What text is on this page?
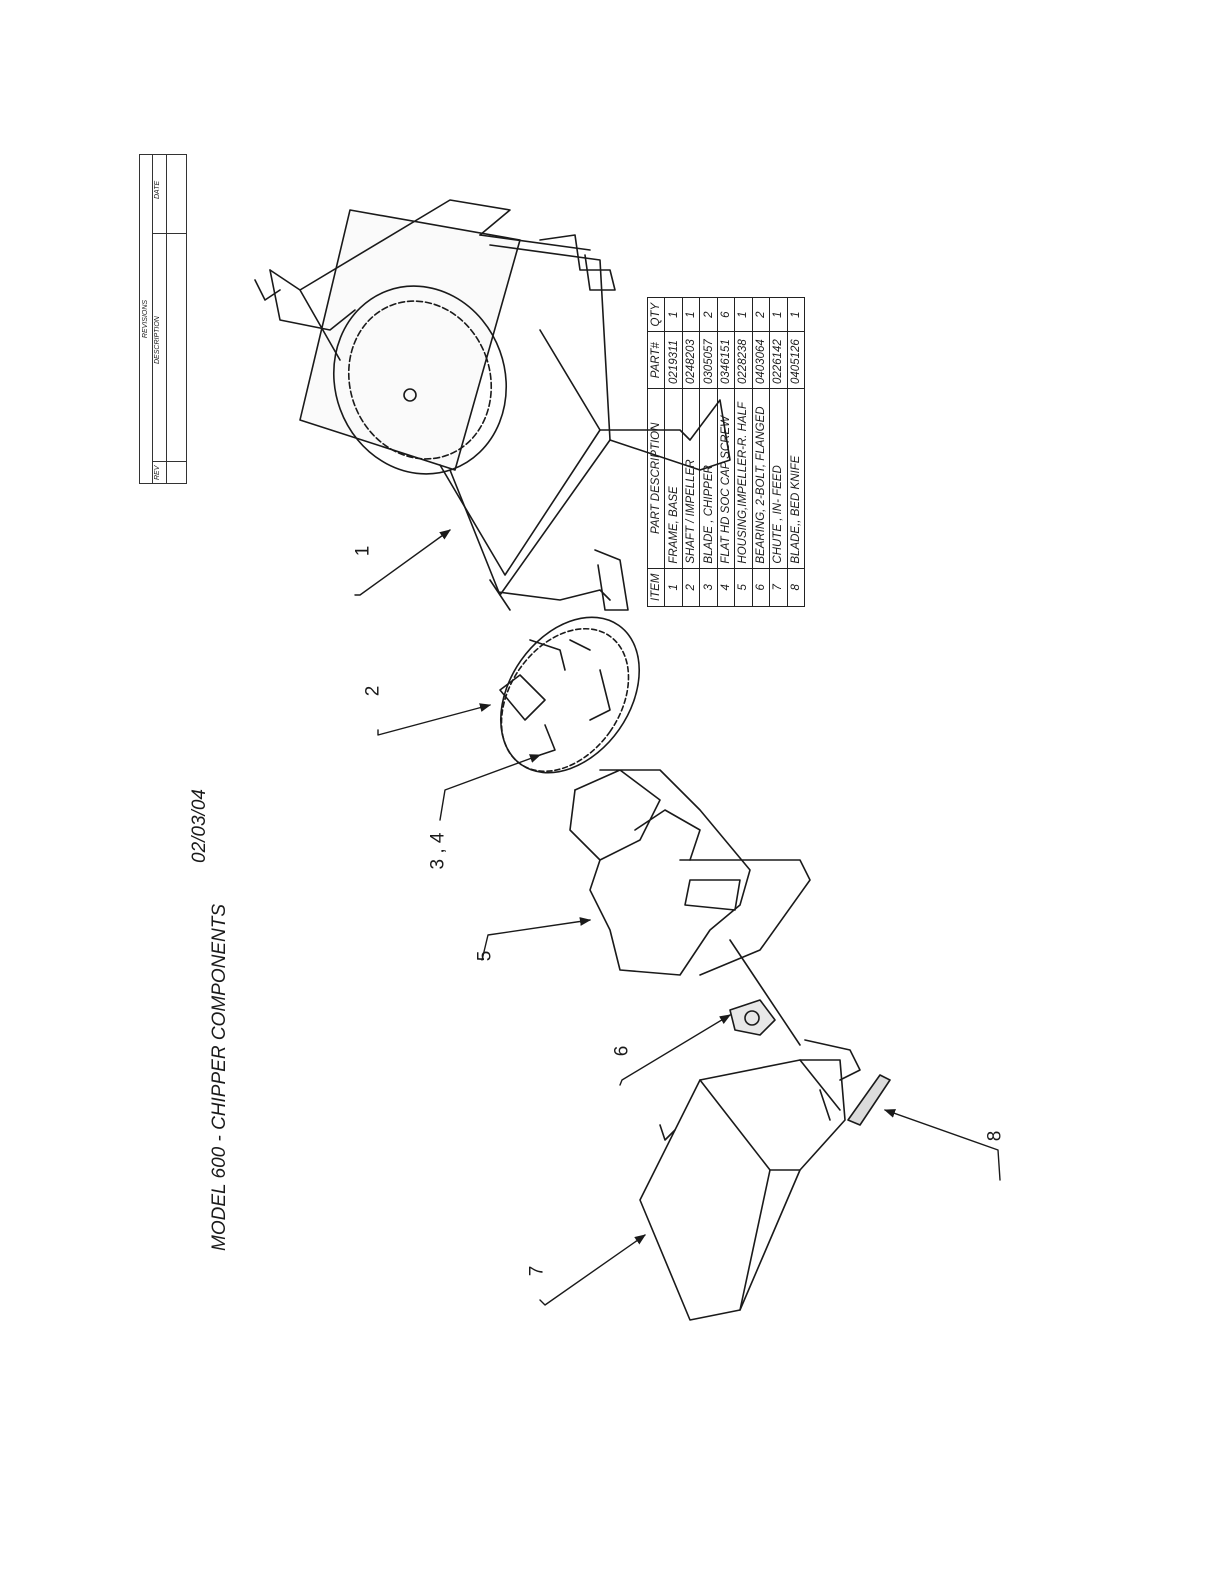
MODEL 600 - CHIPPER COMPONENTS
02/03/04
REVISIONS
REV
DESCRIPTION
DATE
ITEM	PART DESCRIPTION	PART#	QTY
1	FRAME, BASE	0219311	1
2	SHAFT / IMPELLER	0248203	1
3	BLADE , CHIPPER	0305057	2
4	FLAT HD SOC CAP SCREW	0346151	6
5	HOUSING,IMPELLER-R. HALF	0228238	1
6	BEARING, 2-BOLT, FLANGED	0403064	2
7	CHUTE , IN- FEED	0226142	1
8	BLADE,, BED KNIFE	0405126	1
1
2
3 , 4
5
6
7
8
